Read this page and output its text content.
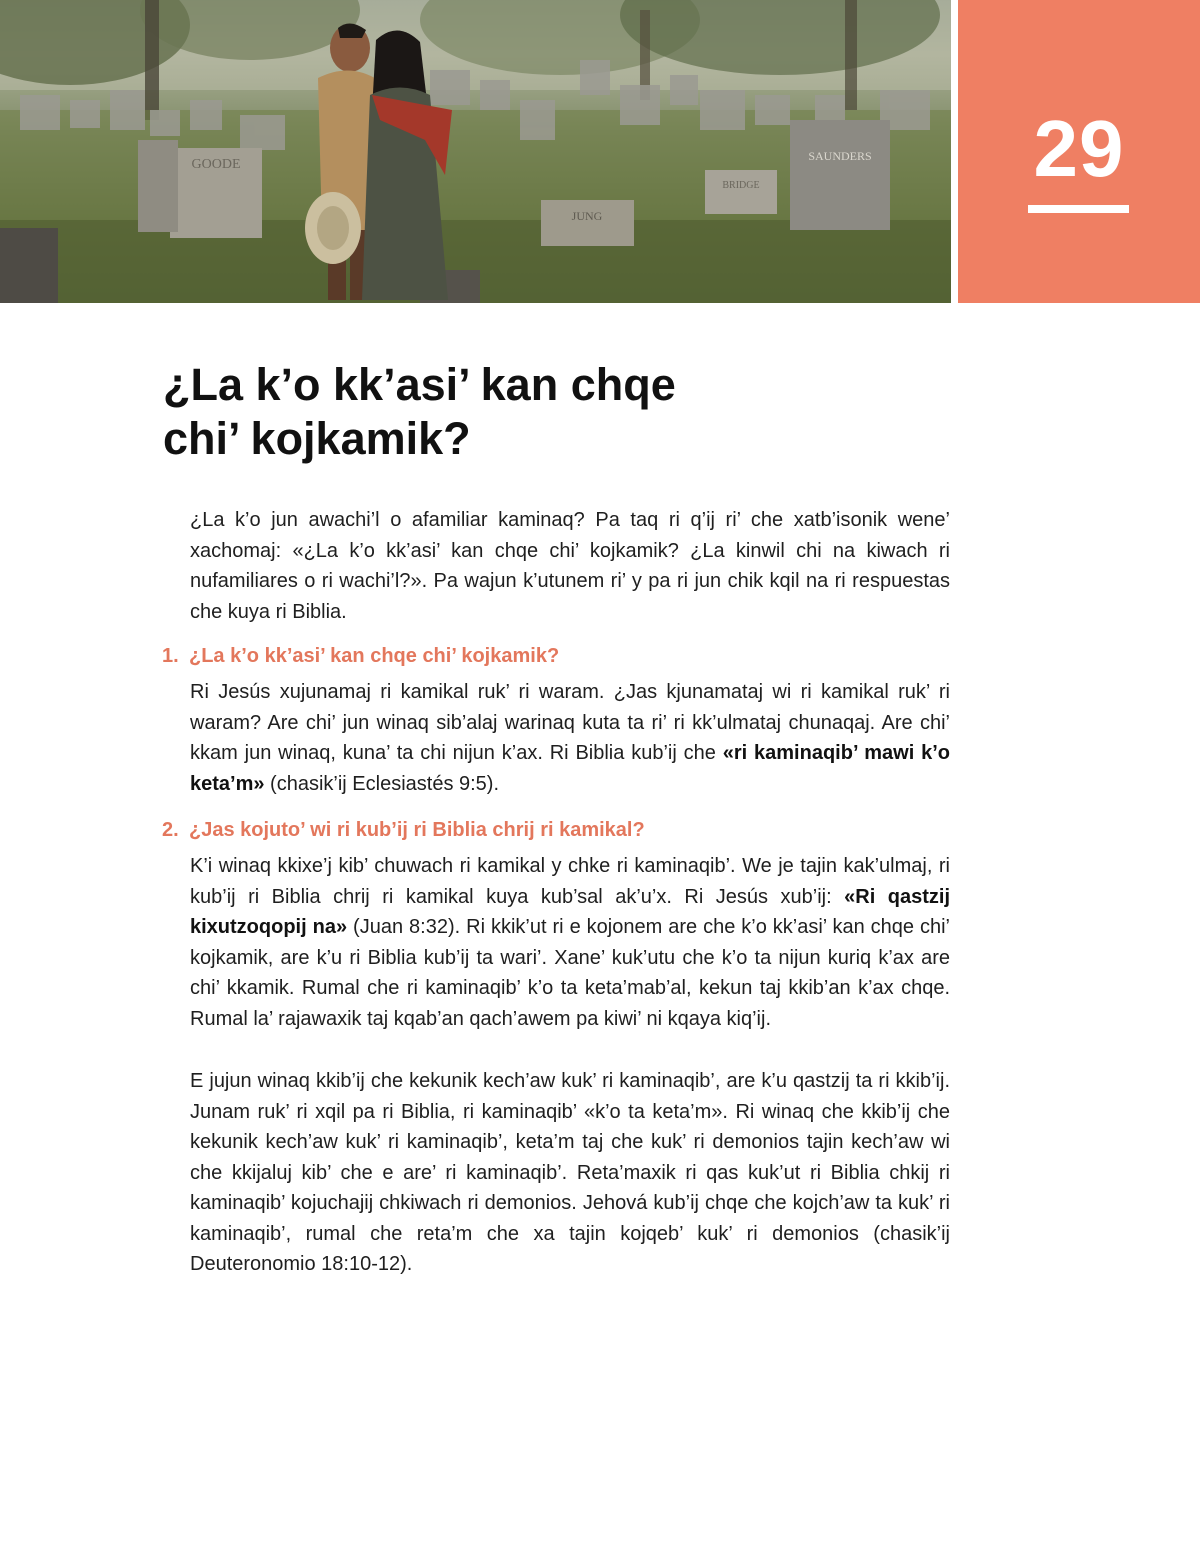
GOODE
JUNG
BRIDGE
SAUNDERS	29
¿La k’o kk’asi’ kan chqe
chi’ kojkamik?

¿La k’o jun awachi’l o afamiliar kaminaq? Pa taq ri q’ij ri’ che xatb’isonik wene’ xachomaj: «¿La k’o kk’asi’ kan chqe chi’ kojkamik? ¿La kinwil chi na kiwach ri nufamiliares o ri wachi’l?». Pa wajun k’utunem ri’ y pa ri jun chik kqil na ri respuestas che kuya ri Biblia.

1. ¿La k’o kk’asi’ kan chqe chi’ kojkamik?

Ri Jesús xujunamaj ri kamikal ruk’ ri waram. ¿Jas kjunamataj wi ri kamikal ruk’ ri waram? Are chi’ jun winaq sib’alaj warinaq kuta ta ri’ ri kk’ulmataj chunaqaj. Are chi’ kkam jun winaq, kuna’ ta chi nijun k’ax. Ri Biblia kub’ij che «ri kaminaqib’ mawi k’o keta’m» (chasik’ij Eclesiastés 9:5).

2. ¿Jas kojuto’ wi ri kub’ij ri Biblia chrij ri kamikal?

K’i winaq kkixe’j kib’ chuwach ri kamikal y chke ri kaminaqib’. We je tajin kak’ulmaj, ri kub’ij ri Biblia chrij ri kamikal kuya kub’sal ak’u’x. Ri Jesús xub’ij: «Ri qastzij kixutzoqopij na» (Juan 8:32). Ri kkik’ut ri e kojonem are che k’o kk’asi’ kan chqe chi’ kojkamik, are k’u ri Biblia kub’ij ta wari’. Xane’ kuk’utu che k’o ta nijun kuriq k’ax are chi’ kkamik. Rumal che ri kaminaqib’ k’o ta keta’mab’al, kekun taj kkib’an k’ax chqe. Rumal la’ rajawaxik taj kqab’an qach’awem pa kiwi’ ni kqaya kiq’ij.

E jujun winaq kkib’ij che kekunik kech’aw kuk’ ri kaminaqib’, are k’u qastzij ta ri kkib’ij. Junam ruk’ ri xqil pa ri Biblia, ri kaminaqib’ «k’o ta keta’m». Ri winaq che kkib’ij che kekunik kech’aw kuk’ ri kaminaqib’, keta’m taj che kuk’ ri demonios tajin kech’aw wi che kkijaluj kib’ che e are’ ri kaminaqib’. Reta’maxik ri qas kuk’ut ri Biblia chkij ri kaminaqib’ kojuchajij chkiwach ri demonios. Jehová kub’ij chqe che kojch’aw ta kuk’ ri kaminaqib’, rumal che reta’m che xa tajin kojqeb’ kuk’ ri demonios (chasik’ij Deuteronomio 18:10-12).
